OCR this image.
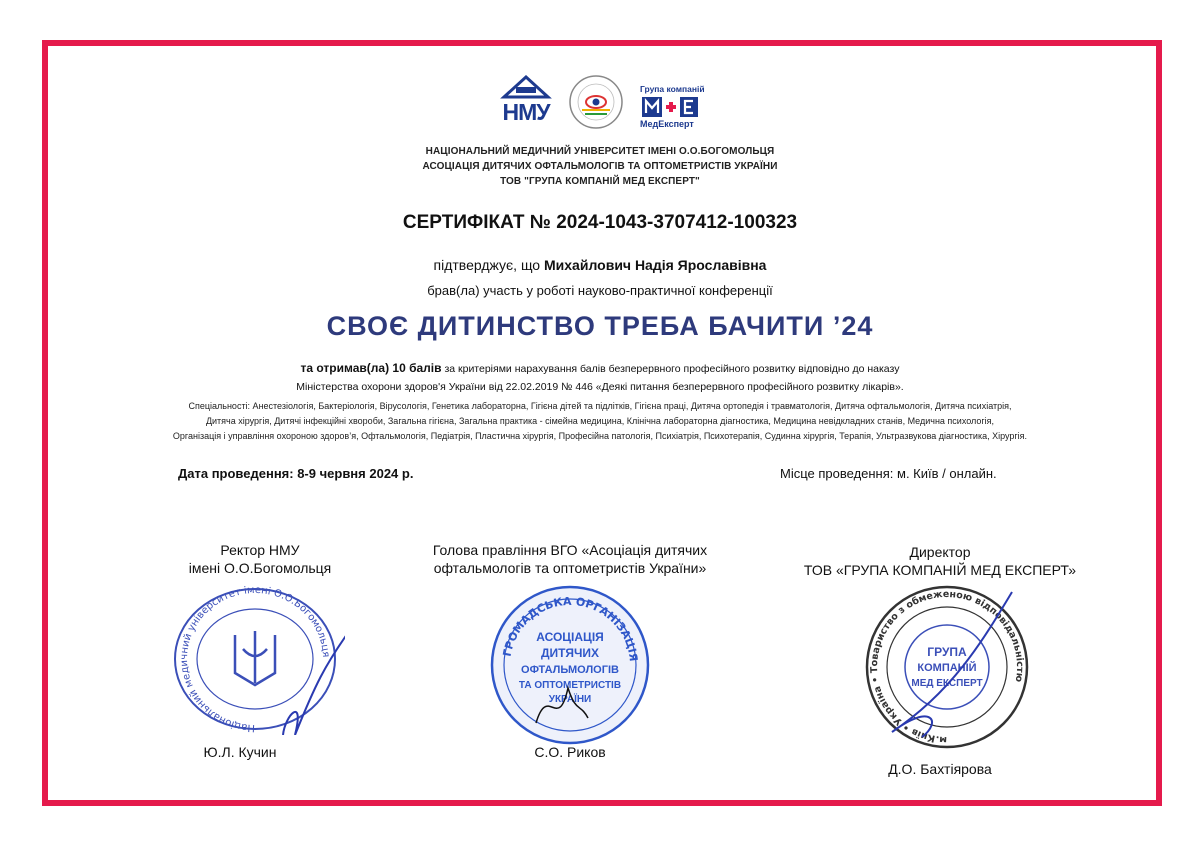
НМУ
Група компаній
МедЕксперт
НАЦІОНАЛЬНИЙ МЕДИЧНИЙ УНІВЕРСИТЕТ ІМЕНІ О.О.БОГОМОЛЬЦЯ
АСОЦІАЦІЯ ДИТЯЧИХ ОФТАЛЬМОЛОГІВ ТА ОПТОМЕТРИСТІВ УКРАЇНИ
ТОВ "ГРУПА КОМПАНІЙ МЕД ЕКСПЕРТ"
СЕРТИФІКАТ № 2024-1043-3707412-100323
підтверджує, що Михайлович Надія Ярославівна
брав(ла) участь у роботі науково-практичної конференції
СВОЄ ДИТИНСТВО ТРЕБА БАЧИТИ ’24
та отримав(ла) 10 балів за критеріями нарахування балів безперервного професійного розвитку відповідно до наказу
Міністерства охорони здоров'я України від 22.02.2019 № 446 «Деякі питання безперервного професійного розвитку лікарів».
Спеціальності: Анестезіологія, Бактеріологія, Вірусологія, Генетика лабораторна, Гігієна дітей та підлітків, Гігієна праці, Дитяча ортопедія і травматологія, Дитяча офтальмологія, Дитяча психіатрія,
Дитяча хірургія, Дитячі інфекційні хвороби, Загальна гігієна, Загальна практика - сімейна медицина, Клінічна лабораторна діагностика, Медицина невідкладних станів, Медична психологія,
Організація і управління охороною здоров’я, Офтальмологія, Педіатрія, Пластична хірургія, Професійна патологія, Психіатрія, Психотерапія, Судинна хірургія, Терапія, Ультразвукова діагностика, Хірургія.
Дата проведення: 8-9 червня 2024 р.	Місце проведення: м. Київ / онлайн.
Ректор НМУ
імені О.О.Богомольця
Національний медичний університет імені О.О.Богомольця
Ю.Л. Кучин
Голова правління ВГО «Асоціація дитячих
офтальмологів та оптометристів України»
ГРОМАДСЬКА ОРГАНІЗАЦІЯ
АСОЦІАЦІЯ
ДИТЯЧИХ
ОФТАЛЬМОЛОГІВ
ТА ОПТОМЕТРИСТІВ
УКРАЇНИ
С.О. Риков
Директор
ТОВ «ГРУПА КОМПАНІЙ МЕД ЕКСПЕРТ»
м.Київ • Україна • Товариство з обмеженою відповідальністю
ГРУПА
КОМПАНІЙ
МЕД ЕКСПЕРТ
Д.О. Бахтіярова
